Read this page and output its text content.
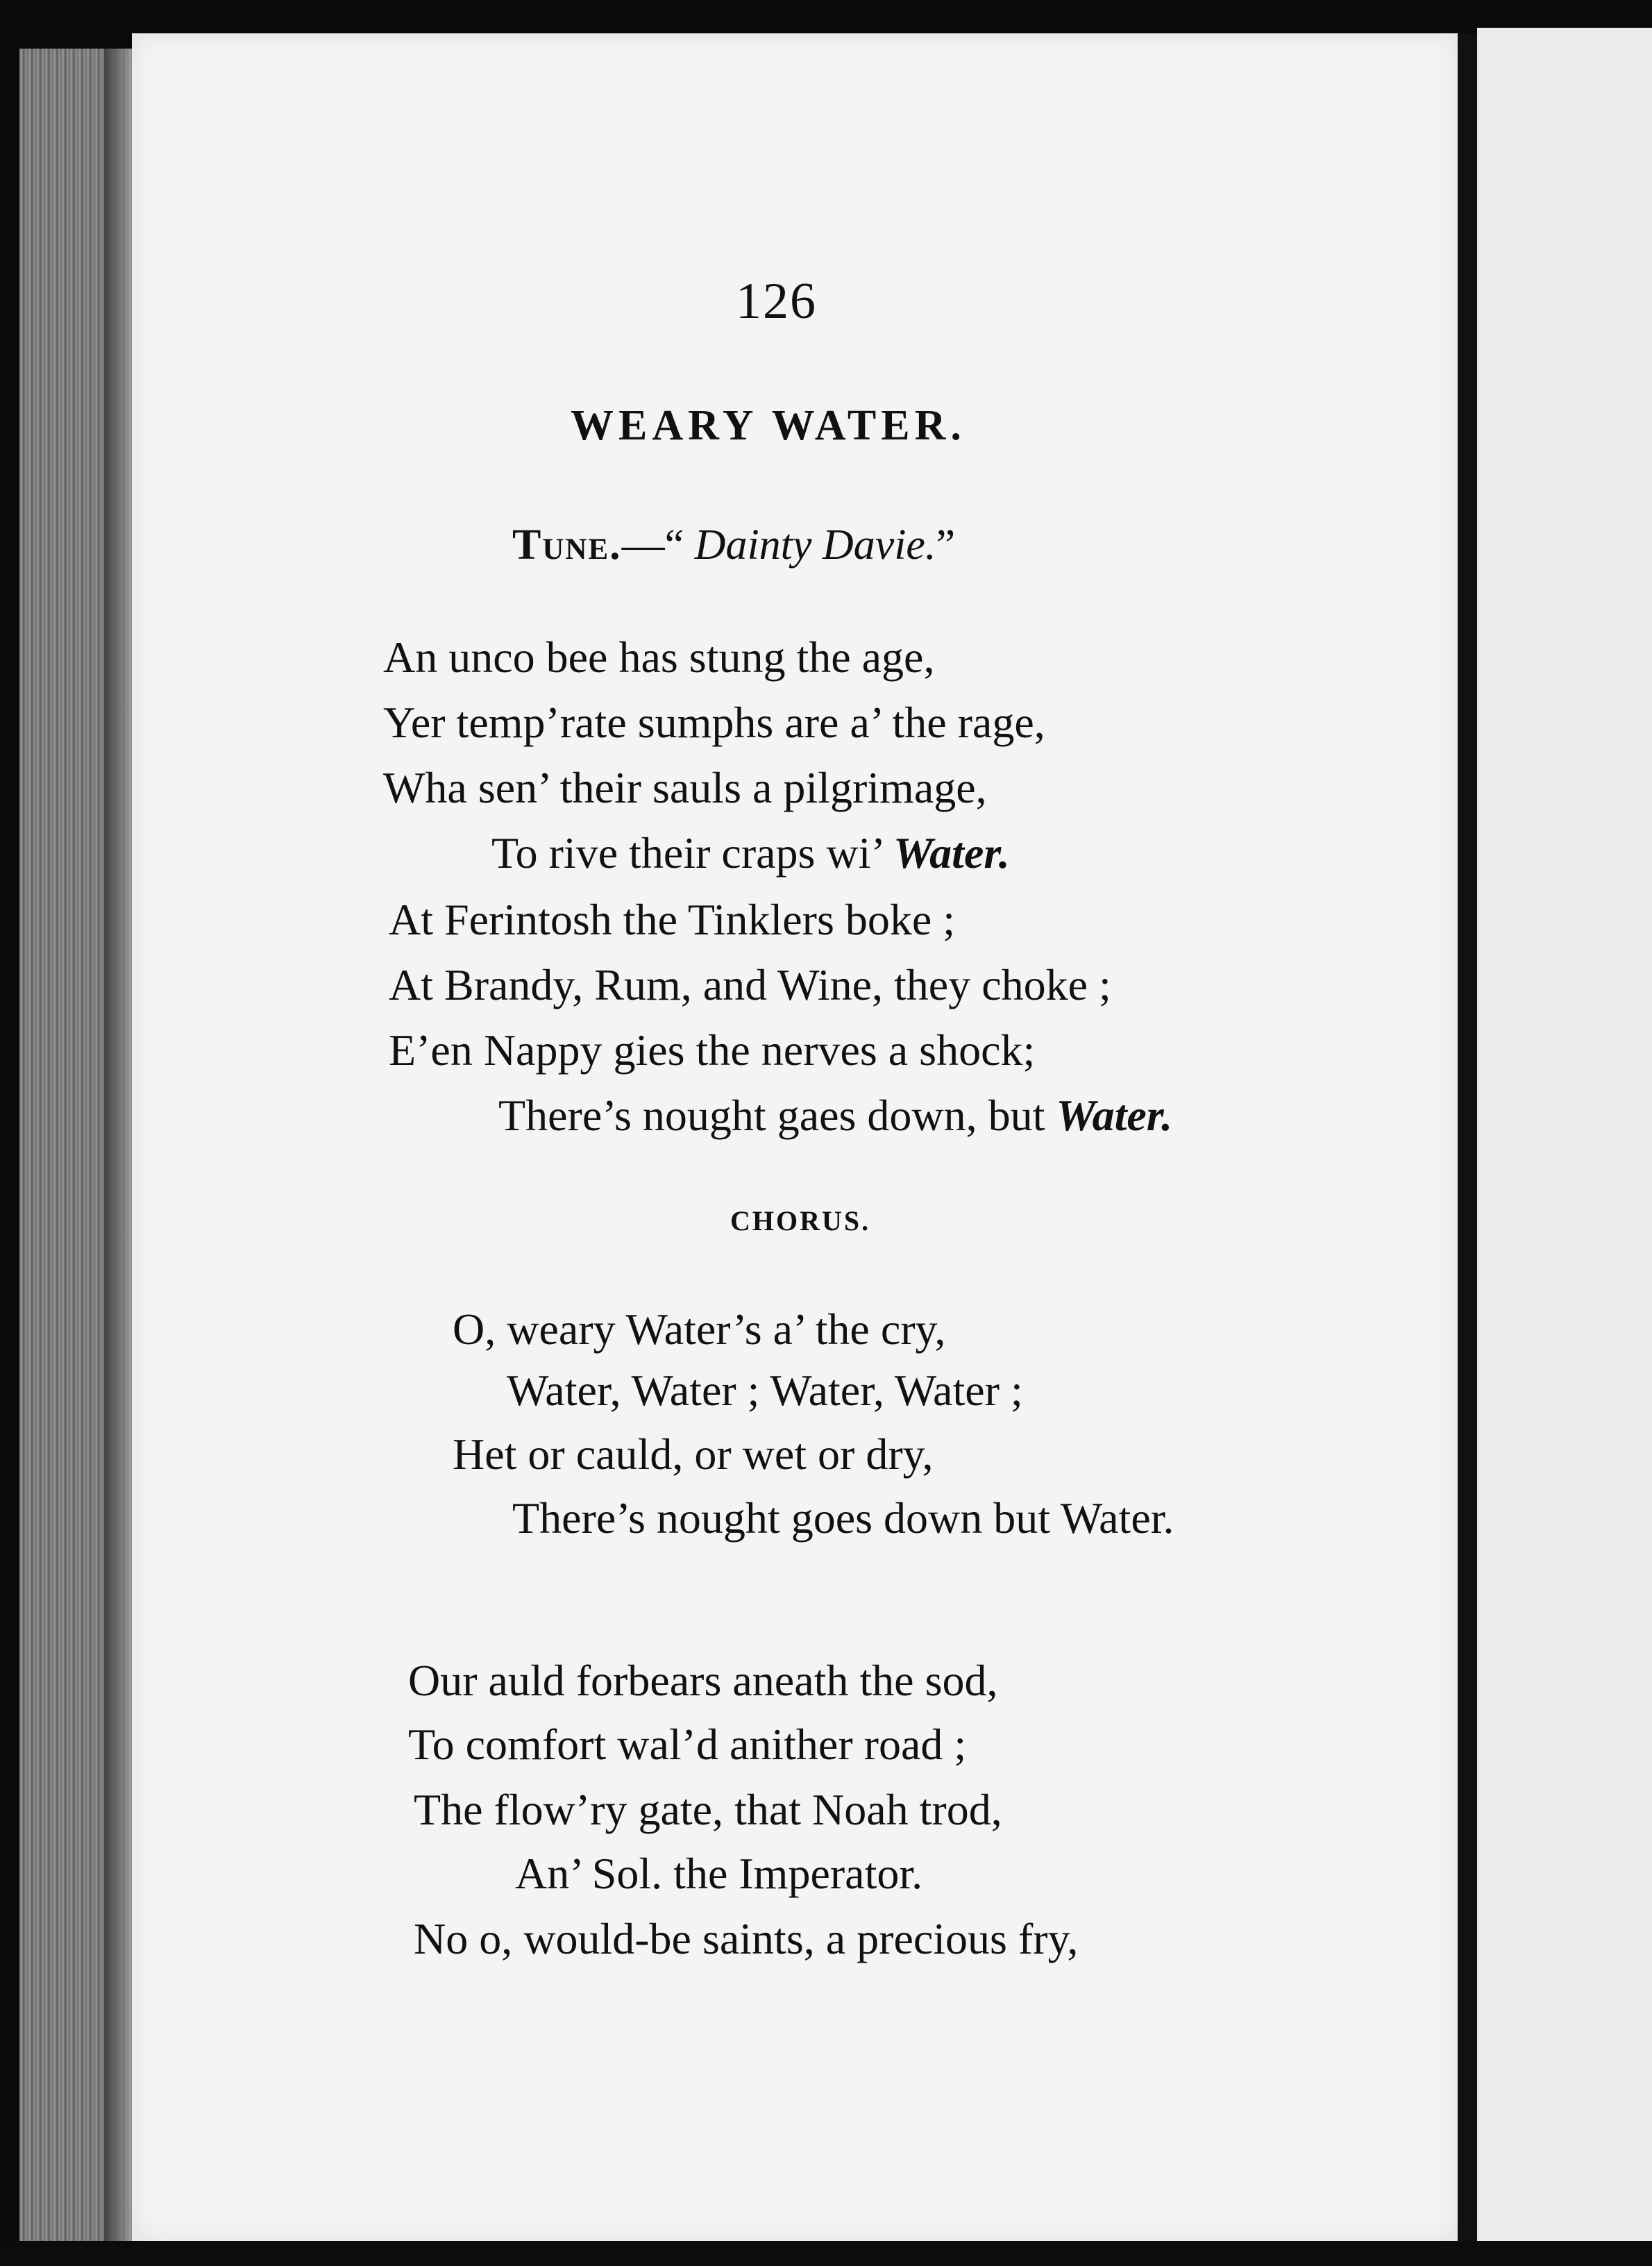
126
WEARY WATER.
Tune.—“ Dainty Davie.”
An unco bee has stung the age,
Yer temp’rate sumphs are a’ the rage,
Wha sen’ their sauls a pilgrimage,
To rive their craps wi’ Water.
At Ferintosh the Tinklers boke ;
At Brandy, Rum, and Wine, they choke ;
E’en Nappy gies the nerves a shock;
There’s nought gaes down, but Water.
CHORUS.
O, weary Water’s a’ the cry,
Water, Water ; Water, Water ;
Het or cauld, or wet or dry,
There’s nought goes down but Water.
Our auld forbears aneath the sod,
To comfort wal’d anither road ;
The flow’ry gate, that Noah trod,
An’ Sol. the Imperator.
No o, would-be saints, a precious fry,
